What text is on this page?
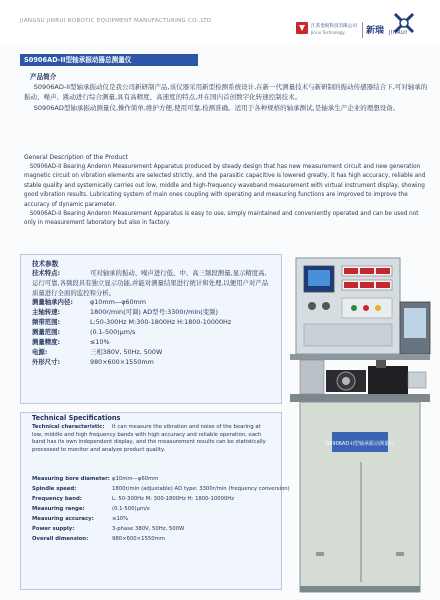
JIANGSU JINRUI ROBOTIC EQUIPMENT MANUFACTURING CO.,LTD
江苏金锐科技有限公司
Jinrui Technology 新瑞 JINRUI
S0906AD-II型轴承振动器总测量仪
产品简介

S0906AD-II型轴承振动仪是我公司新研制产品,该仪器采用新型检测系统设计,在新一代测量技术与新研制的振动传感器结合下,可对轴承的振动、噪声、跳动进行综合测量,具有高精度、高速度的特点,并在国内首创数字化转速控制技术。

S0906AD型轴承振动测量仪,操作简单,维护方便,使用可靠,检测准确。适用于各种规格的轴承测试,是轴承生产企业的理想设备。

General Description of the Product

S0906AD-II Bearing Anderon Measurement Apparatus produced by steady design that has new measurement circuit and new generation magnetic circuit on vibration elements are selected strictly, and the parasitic capacitive is lowered greatly, it has high accuracy, reliable and stable quality and systemically carries out low, middle and high-frequency waveband measurement with virtual instrument display, showing good vibration results. Lubricating system of main ones coupling with operating and measuring functions are improved to improve the accuracy of dynamic parameter.

S0906AD-II Bearing Anderon Measurement Apparatus is easy to use, simply maintained and conveniently operated and can be used not only in measurement laboratory but also in factory.

技术参数
技术特点:	可对轴承的振动、噪声进行低、中、高三频段测量,显示精度高,运行可靠,各频段具有独立显示功能,并能对测量结果进行统计和处理,以便用户对产品质量进行全面的监控和分析。
测量轴承内径:	φ10mm—φ60mm
主轴转速:	1800r/min(可调) AD型号:3300r/min(变频)
频带范围:	L:50-300Hz M:300-1800Hz H:1800-10000Hz
测量范围:	(0.1-500)μm/s
测量精度:	≤10%
电源:	三相380V, 50Hz, 500W
外形尺寸:	980×600×1550mm
Technical Specifications
Technical characteristic: It can measure the vibration and noise of the bearing at low, middle and high frequency bands with high accuracy and reliable operation, each band has its own independent display, and the measurement results can be statistically processed to monitor and analyze product quality.
Measuring bore diameter: φ10mm—φ60mm
Spindle speed:	1800r/min (adjustable) AD type: 3300r/min (frequency conversion)
Frequency band:	L: 50-300Hz M: 300-1800Hz H: 1800-10000Hz
Measuring range:	(0.1-500)μm/s
Measuring accuracy:	≤10%
Power supply:	3-phase 380V, 50Hz, 500W
Overall dimension:	980×600×1550mm
S0906AD-II型轴承振动测量仪
